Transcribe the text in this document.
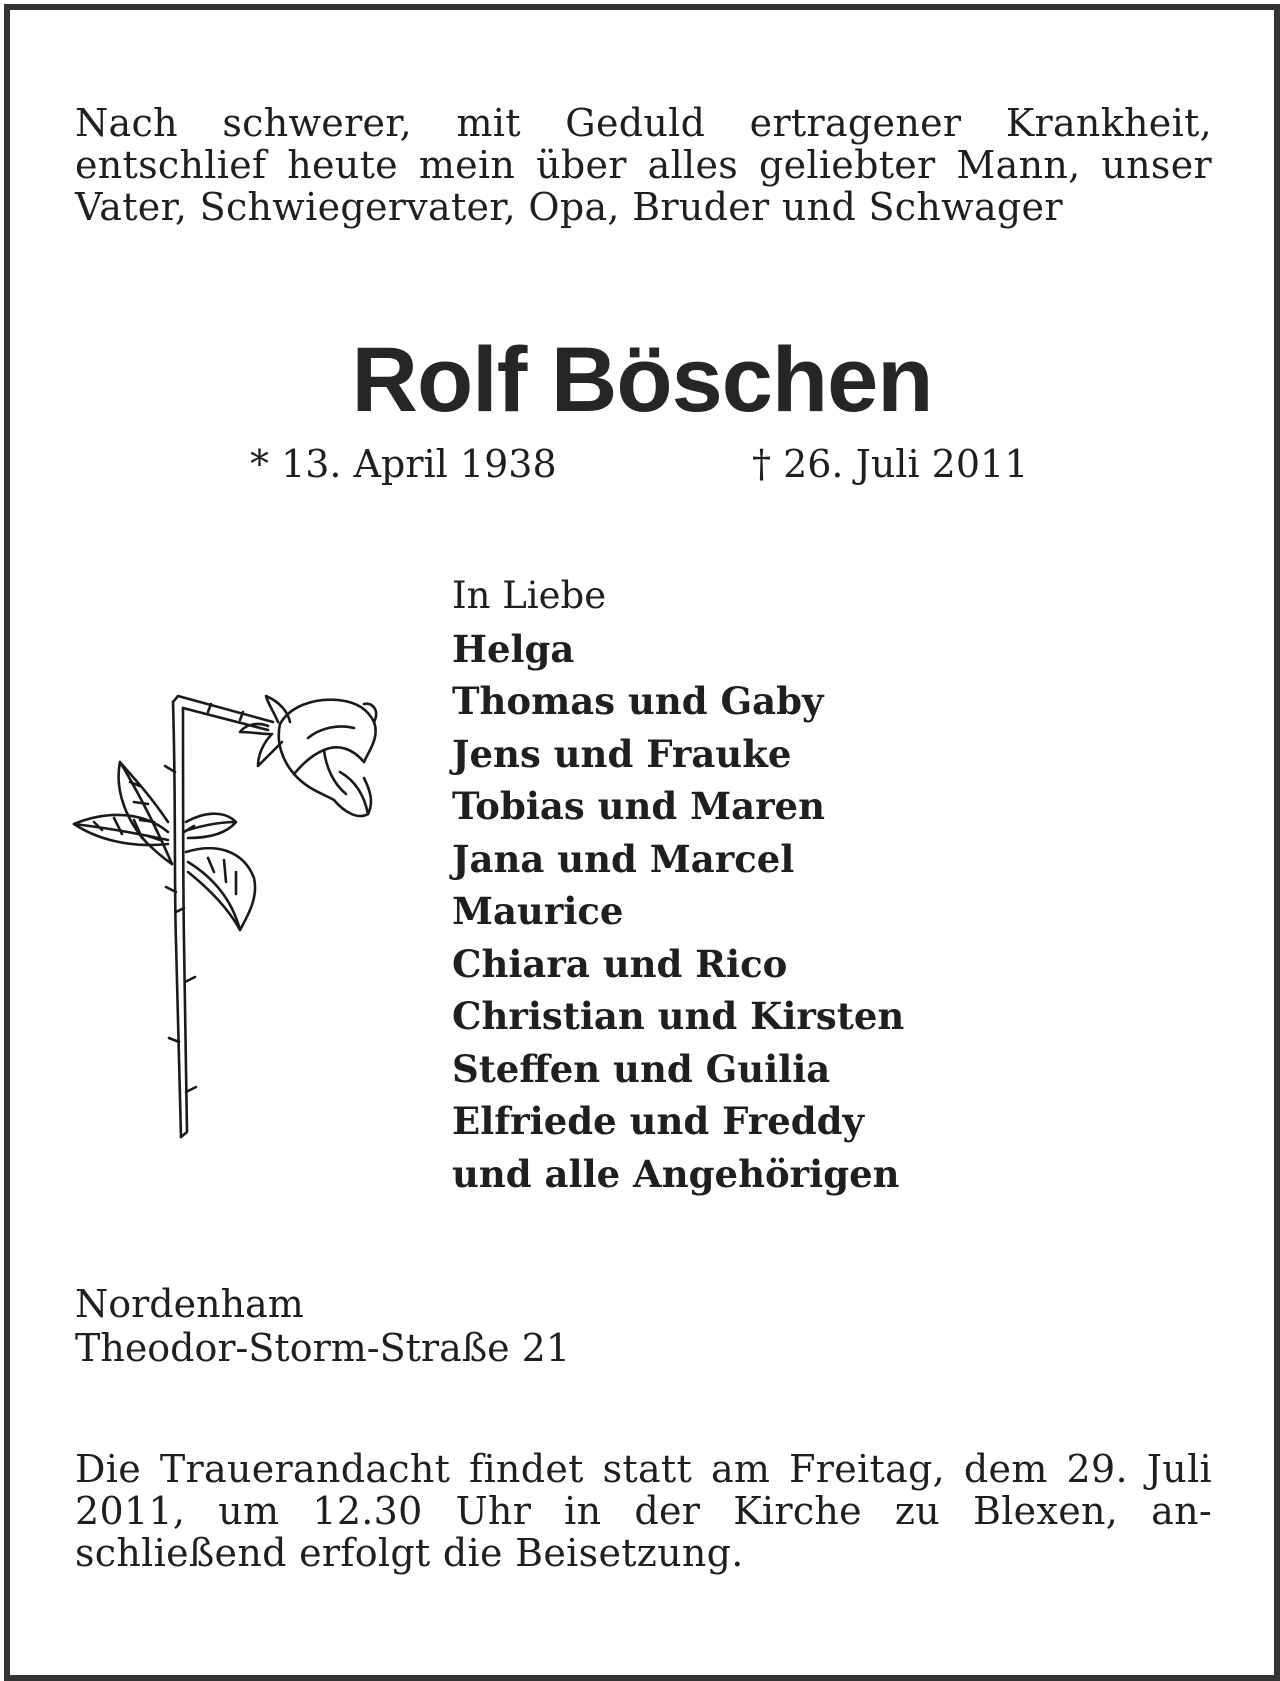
Nach schwerer, mit Geduld ertragener Krankheit,
entschlief heute mein über alles geliebter Mann, unser
Vater, Schwiegervater, Opa, Bruder und Schwager
Rolf Böschen
* 13. April 1938	† 26. Juli 2011
In Liebe
Helga
Thomas und Gaby
Jens und Frauke
Tobias und Maren
Jana und Marcel
Maurice
Chiara und Rico
Christian und Kirsten
Steffen und Guilia
Elfriede und Freddy
und alle Angehörigen
Nordenham
Theodor-Storm-Straße 21
Die Trauerandacht findet statt am Freitag, dem 29. Juli
2011, um 12.30 Uhr in der Kirche zu Blexen, an-
schließend erfolgt die Beisetzung.
